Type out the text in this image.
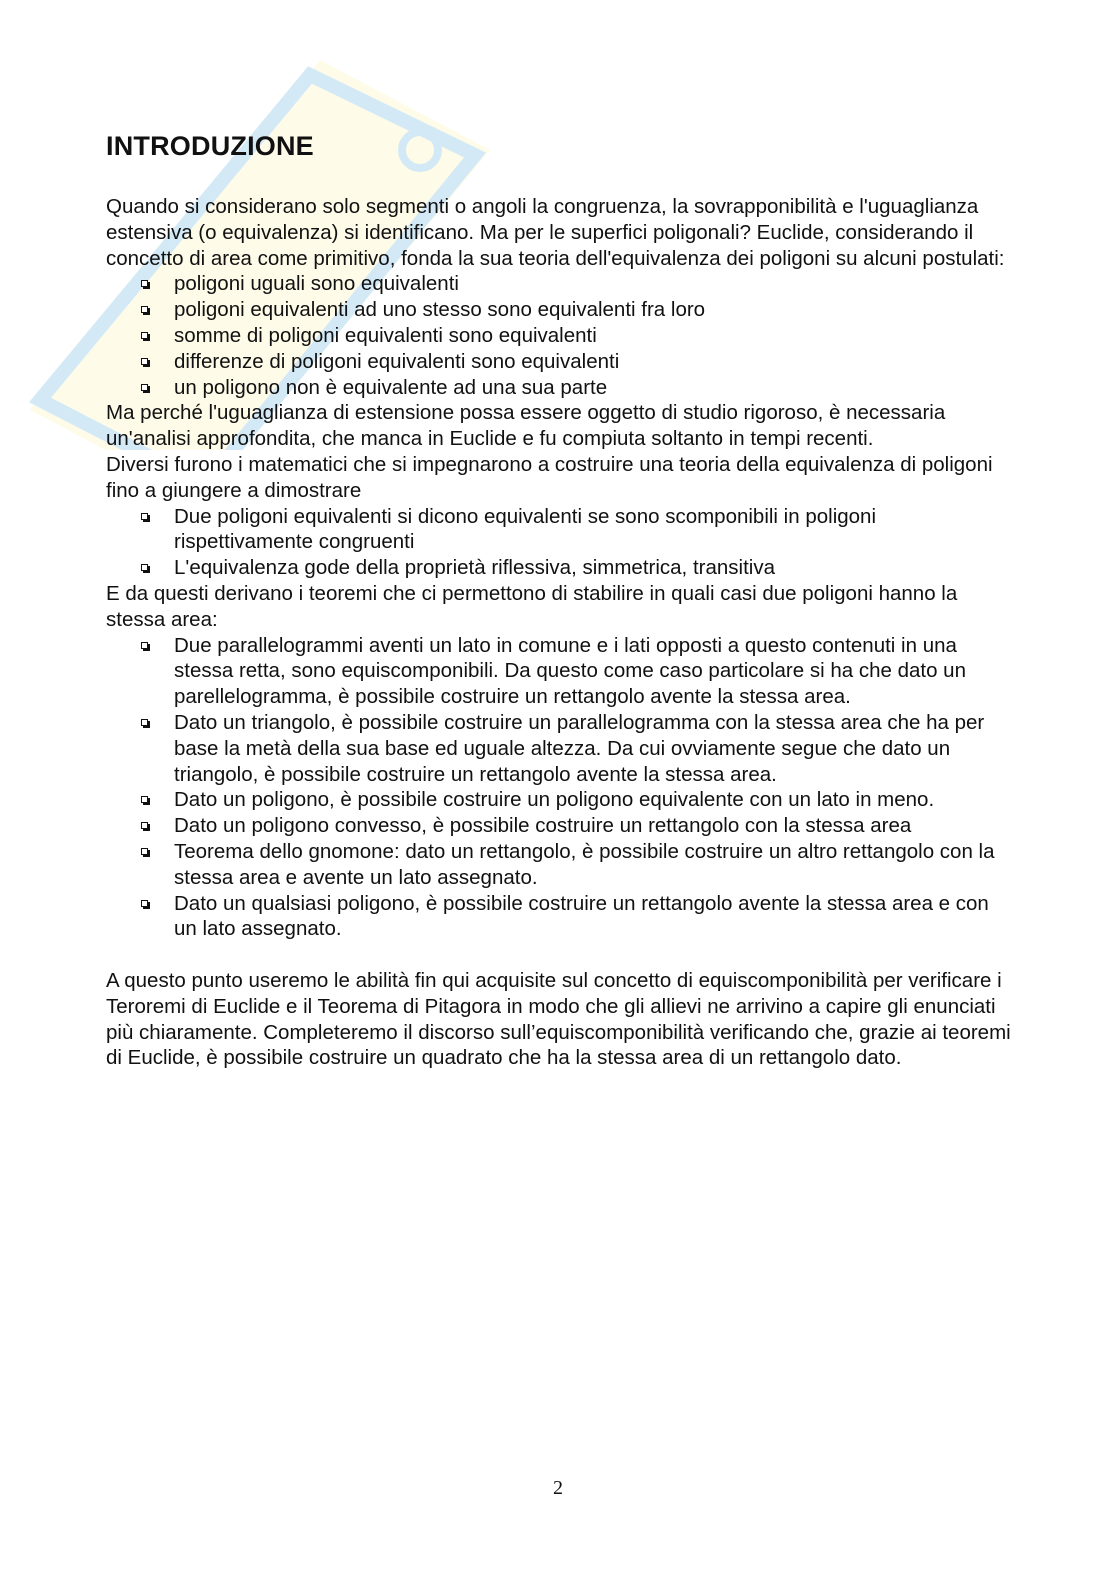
INTRODUZIONE

Quando si considerano solo segmenti o angoli la congruenza, la sovrapponibilità e l'uguaglianza estensiva (o equivalenza) si identificano. Ma per le superfici poligonali? Euclide, considerando il concetto di area come primitivo, fonda la sua teoria dell'equivalenza dei poligoni su alcuni postulati:

poligoni uguali sono equivalenti
poligoni equivalenti ad uno stesso sono equivalenti fra loro
somme di poligoni equivalenti sono equivalenti
differenze di poligoni equivalenti sono equivalenti
un poligono non è equivalente ad una sua parte

Ma perché l'uguaglianza di estensione possa essere oggetto di studio rigoroso, è necessaria un'analisi approfondita, che manca in Euclide e fu compiuta soltanto in tempi recenti.

Diversi furono i matematici che si impegnarono a costruire una teoria della equivalenza di poligoni fino a giungere a dimostrare

Due poligoni equivalenti si dicono equivalenti se sono scomponibili in poligoni rispettivamente congruenti
L'equivalenza gode della proprietà riflessiva, simmetrica, transitiva

E da questi derivano i teoremi che ci permettono di stabilire in quali casi due poligoni hanno la stessa area:

Due parallelogrammi aventi un lato in comune e i lati opposti a questo contenuti in una stessa retta, sono equiscomponibili. Da questo come caso particolare si ha che dato un parellelogramma, è possibile costruire un rettangolo avente la stessa area.
Dato un triangolo, è possibile costruire un parallelogramma con la stessa area che ha per base la metà della sua base ed uguale altezza. Da cui ovviamente segue che dato un triangolo, è possibile costruire un rettangolo avente la stessa area.
Dato un poligono, è possibile costruire un poligono equivalente con un lato in meno.
Dato un poligono convesso, è possibile costruire un rettangolo con la stessa area
Teorema dello gnomone: dato un rettangolo, è possibile costruire un altro rettangolo con la stessa area e avente un lato assegnato.
Dato un qualsiasi poligono, è possibile costruire un rettangolo avente la stessa area e con un lato assegnato.

A questo punto useremo le abilità fin qui acquisite sul concetto di equiscomponibilità per verificare i Teroremi di Euclide e il Teorema di Pitagora in modo che gli allievi ne arrivino a capire gli enunciati più chiaramente. Completeremo il discorso sull’equiscomponibilità verificando che, grazie ai teoremi di Euclide, è possibile costruire un quadrato che ha la stessa area di un rettangolo dato.

2
